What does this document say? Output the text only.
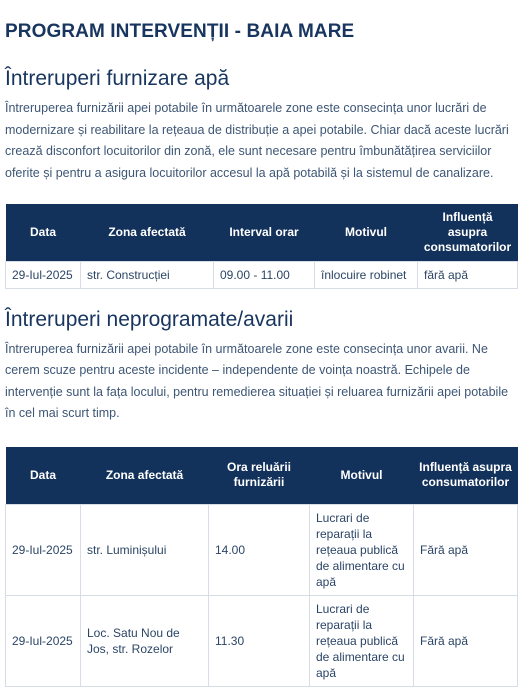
PROGRAM INTERVENȚII - BAIA MARE
Întreruperi furnizare apă

Întreruperea furnizării apei potabile în următoarele zone este consecința unor lucrări de modernizare și reabilitare la rețeaua de distribuție a apei potabile. Chiar dacă aceste lucrări crează disconfort locuitorilor din zonă, ele sunt necesare pentru îmbunătățirea serviciilor oferite și pentru a asigura locuitorilor accesul la apă potabilă și la sistemul de canalizare.

Data	Zona afectată	Interval orar	Motivul	Influență asupra consumatorilor
29-Iul-2025	str. Construcției	09.00 - 11.00	înlocuire robinet	fără apă
Întreruperi neprogramate/avarii

Întreruperea furnizării apei potabile în următoarele zone este consecința unor avarii. Ne cerem scuze pentru aceste incidente – independente de voința noastră. Echipele de intervenție sunt la fața locului, pentru remedierea situației și reluarea furnizării apei potabile în cel mai scurt timp.

Data	Zona afectată	Ora reluării furnizării	Motivul	Influență asupra consumatorilor
29-Iul-2025	str. Luminișului	14.00	Lucrari de reparații la rețeaua publică de alimentare cu apă	Fără apă
29-Iul-2025	Loc. Satu Nou de Jos, str. Rozelor	11.30	Lucrari de reparații la rețeaua publică de alimentare cu apă	Fără apă
